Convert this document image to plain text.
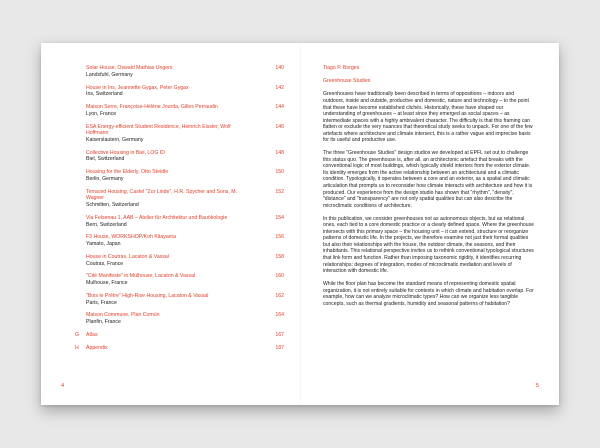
Solar House, Oswald Mathias Ungers
Landsfuhl, Germany
140
House in Ins, Jeannette Gygax, Peter Gygax
Ins, Switzerland
142
Maison Serre, Françoise-Hélène Jourda, Gilles Perraudin
Lyon, France
144
ESA Energy-efficient Student Residence, Heinrich Eissler, Wolf Hoffmann
Kaiserslautern, Germany
146
Collective Housing in Biel, LOG ID
Biel, Switzerland
148
Housing for the Elderly, Otto Steidle
Berlin, Germany
150
Terraced Housing, Castel "Zur Linde", H.R. Spycher and Sons, M. Wagner
Schmitten, Switzerland
152
Via Felsenau 1, AAB – Atelier für Architektur und Bauökologie
Bern, Switzerland
154
F3 House, WORKSHOP/Koh Kitayama
Yamato, Japan
156
House in Coutras, Lacaton & Vassal
Coutras, France
158
"Cité Manifeste" in Mulhouse, Lacaton & Vassal
Mulhouse, France
160
"Bois le Prêtre" High-Rise Housing, Lacaton & Vassal
Paris, France
162
Maison Commune, Plan Común
Planfin, France
164
G Atlas	167
H Appendix	187
4
Tiago P. Borges
Greenhouse Studies

Greenhouses have traditionally been described in terms of oppositions – indoors and outdoors, inside and outside, productive and domestic, nature and technology – to the point that these have become established clichés. Historically, these have shaped our understanding of greenhouses – at least since they emerged as social spaces – as intermediate spaces with a highly ambivalent character. The difficulty is that this framing can flatten or exclude the very nuances that theoretical study seeks to unpack. For one of the few artefacts where architecture and climate intersect, this is a rather vague and imprecise basis for its useful and productive use.

The three "Greenhouse Studies" design studios we developed at EPFL set out to challenge this status quo. The greenhouse is, after all, an architectonic artefact that breaks with the conventional logic of most buildings, which typically shield interiors from the exterior climate. Its identity emerges from the active relationship between an architectural and a climatic condition. Typologically, it operates between a core and an exterior, as a spatial and climatic articulation that prompts us to reconsider how climate interacts with architecture and how it is produced. Our experience from the design studio has shown that "rhythm", "density", "distance" and "transparency" are not only spatial qualities but can also describe the microclimatic conditions of architecture.

In this publication, we consider greenhouses not as autonomous objects, but as relational ones, each tied to a core domestic practice or a clearly defined space. Where the greenhouse intersects with this primary space – the housing unit – it can extend, structure or reorganize patterns of domestic life. In the projects, we therefore examine not just their formal qualities but also their relationships with the house, the outdoor climate, the seasons, and their inhabitants. This relational perspective invites us to rethink conventional typological structures that link form and function. Rather than imposing taxonomic rigidity, it identifies recurring relationships: degrees of integration, modes of microclimatic mediation and levels of interaction with domestic life.

While the floor plan has become the standard means of representing domestic spatial organization, it is not entirely suitable for contexts in which climate and habitation overlap. For example, how can we analyze microclimatic types? How can we organize less tangible concepts, such as thermal gradients, humidity and seasonal patterns of habitation?

5
